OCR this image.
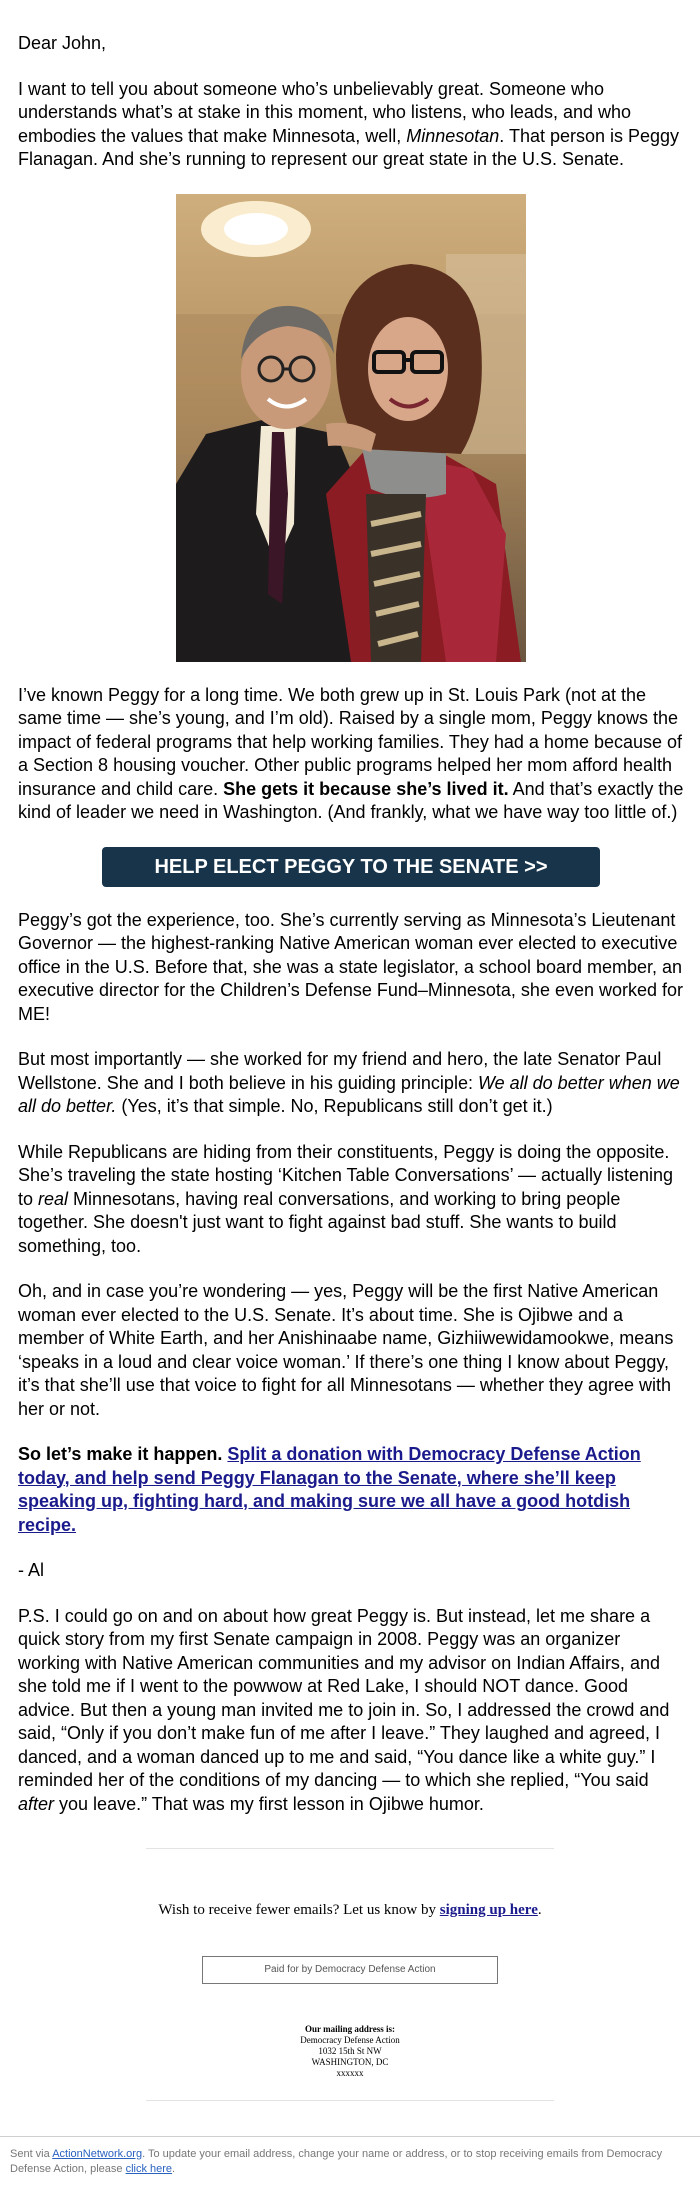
Dear John,

I want to tell you about someone who’s unbelievably great. Someone who understands what’s at stake in this moment, who listens, who leads, and who embodies the values that make Minnesota, well, Minnesotan. That person is Peggy Flanagan. And she’s running to represent our great state in the U.S. Senate.

I’ve known Peggy for a long time. We both grew up in St. Louis Park (not at the same time — she’s young, and I’m old). Raised by a single mom, Peggy knows the impact of federal programs that help working families. They had a home because of a Section 8 housing voucher. Other public programs helped her mom afford health insurance and child care. She gets it because she’s lived it. And that’s exactly the kind of leader we need in Washington. (And frankly, what we have way too little of.)

HELP ELECT PEGGY TO THE SENATE >>

Peggy’s got the experience, too. She’s currently serving as Minnesota’s Lieutenant Governor — the highest-ranking Native American woman ever elected to executive office in the U.S. Before that, she was a state legislator, a school board member, an executive director for the Children’s Defense Fund–Minnesota, she even worked for ME!

But most importantly — she worked for my friend and hero, the late Senator Paul Wellstone. She and I both believe in his guiding principle: We all do better when we all do better. (Yes, it’s that simple. No, Republicans still don’t get it.)

While Republicans are hiding from their constituents, Peggy is doing the opposite. She’s traveling the state hosting ‘Kitchen Table Conversations’ — actually listening to real Minnesotans, having real conversations, and working to bring people together. She doesn't just want to fight against bad stuff. She wants to build something, too.

Oh, and in case you’re wondering — yes, Peggy will be the first Native American woman ever elected to the U.S. Senate. It’s about time. She is Ojibwe and a member of White Earth, and her Anishinaabe name, Gizhiiwewidamookwe, means ‘speaks in a loud and clear voice woman.’ If there’s one thing I know about Peggy, it’s that she’ll use that voice to fight for all Minnesotans — whether they agree with her or not.

So let’s make it happen. Split a donation with Democracy Defense Action today, and help send Peggy Flanagan to the Senate, where she’ll keep speaking up, fighting hard, and making sure we all have a good hotdish recipe.

- Al

P.S. I could go on and on about how great Peggy is. But instead, let me share a quick story from my first Senate campaign in 2008. Peggy was an organizer working with Native American communities and my advisor on Indian Affairs, and she told me if I went to the powwow at Red Lake, I should NOT dance. Good advice. But then a young man invited me to join in. So, I addressed the crowd and said, “Only if you don’t make fun of me after I leave.” They laughed and agreed, I danced, and a woman danced up to me and said, “You dance like a white guy.” I reminded her of the conditions of my dancing — to which she replied, “You said after you leave.” That was my first lesson in Ojibwe humor.

Wish to receive fewer emails? Let us know by signing up here.
Paid for by Democracy Defense Action
Our mailing address is:
Democracy Defense Action
1032 15th St NW
WASHINGTON, DC
xxxxxx

Sent via ActionNetwork.org. To update your email address, change your name or address, or to stop receiving emails from Democracy Defense Action, please click here.
